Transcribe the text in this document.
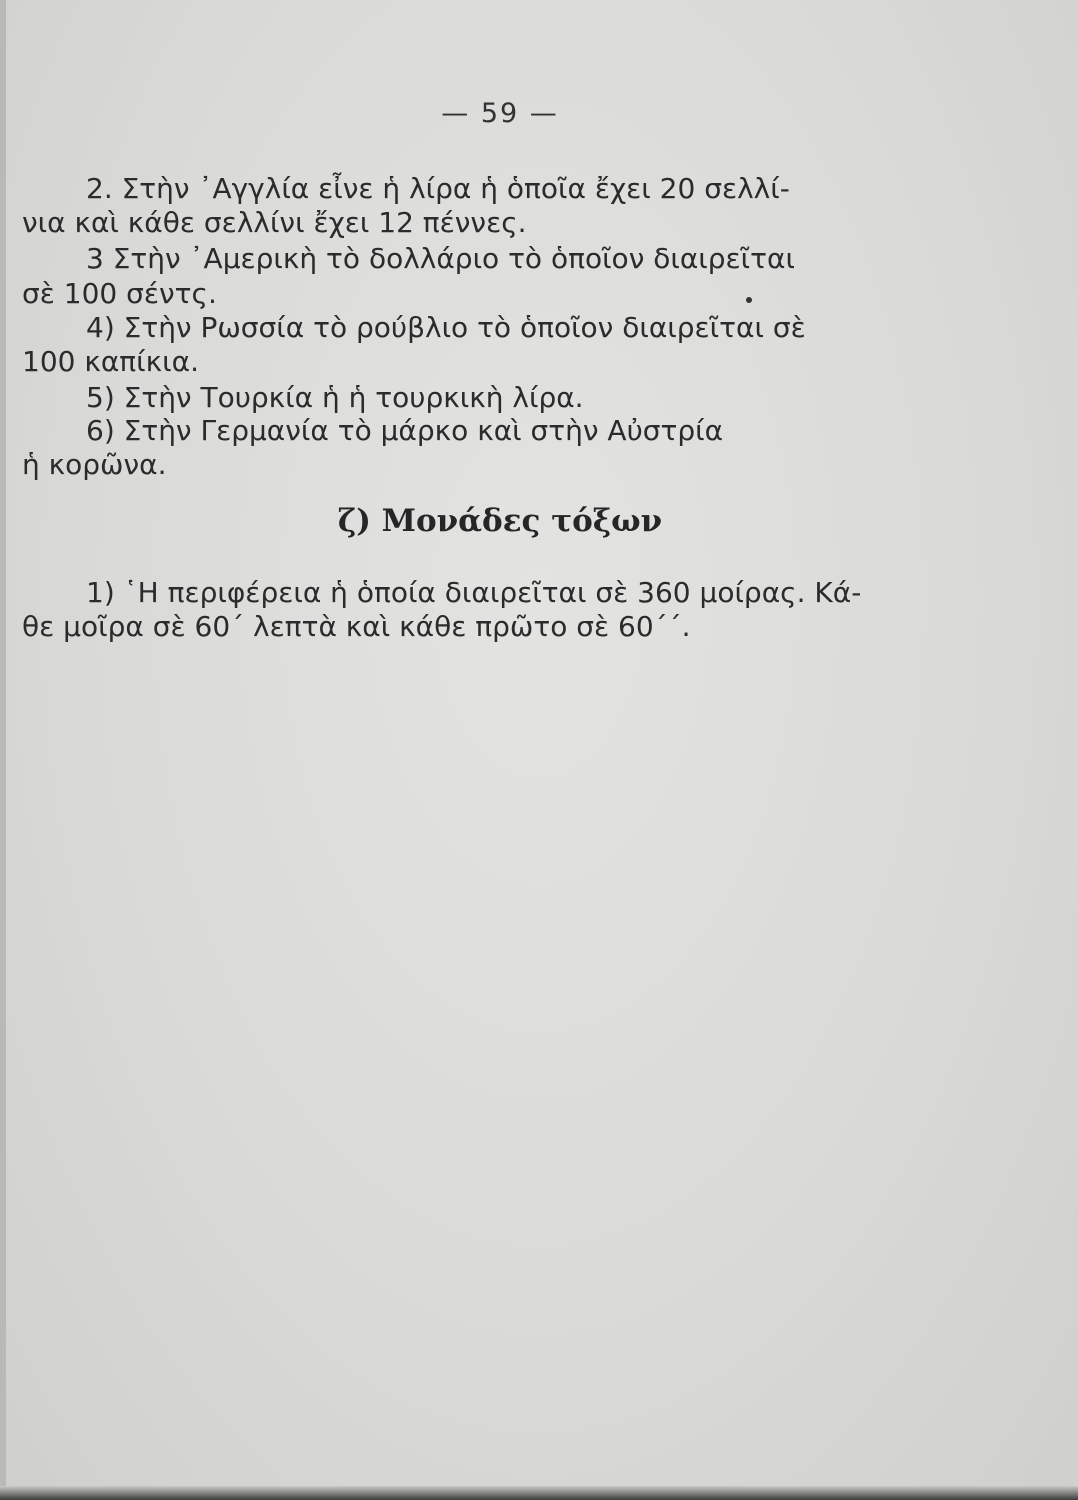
— 59 —
2. Στὴν ᾿Αγγλία εἶνε ἡ λίρα ἡ ὁποῖα ἔχει 20 σελλί-
νια καὶ κάθε σελλίνι ἔχει 12 πέννες.
3 Στὴν ᾿Αμερικὴ τὸ δολλάριο τὸ ὁποῖον διαιρεῖται
σὲ 100 σέντς.
4) Στὴν Ρωσσία τὸ ρούβλιο τὸ ὁποῖον διαιρεῖται σὲ
100 καπίκια.
5) Στὴν Τουρκία ἡ ἡ τουρκικὴ λίρα.
6) Στὴν Γερμανία τὸ μάρκο καὶ στὴν Αὐστρία
ἡ κορῶνα.
ζ) Μονάδες τόξων
1) ῾Η περιφέρεια ἡ ὁποία διαιρεῖται σὲ 360 μοίρας. Κά-
θε μοῖρα σὲ 60΄ λεπτὰ καὶ κάθε πρῶτο σὲ 60΄΄.
